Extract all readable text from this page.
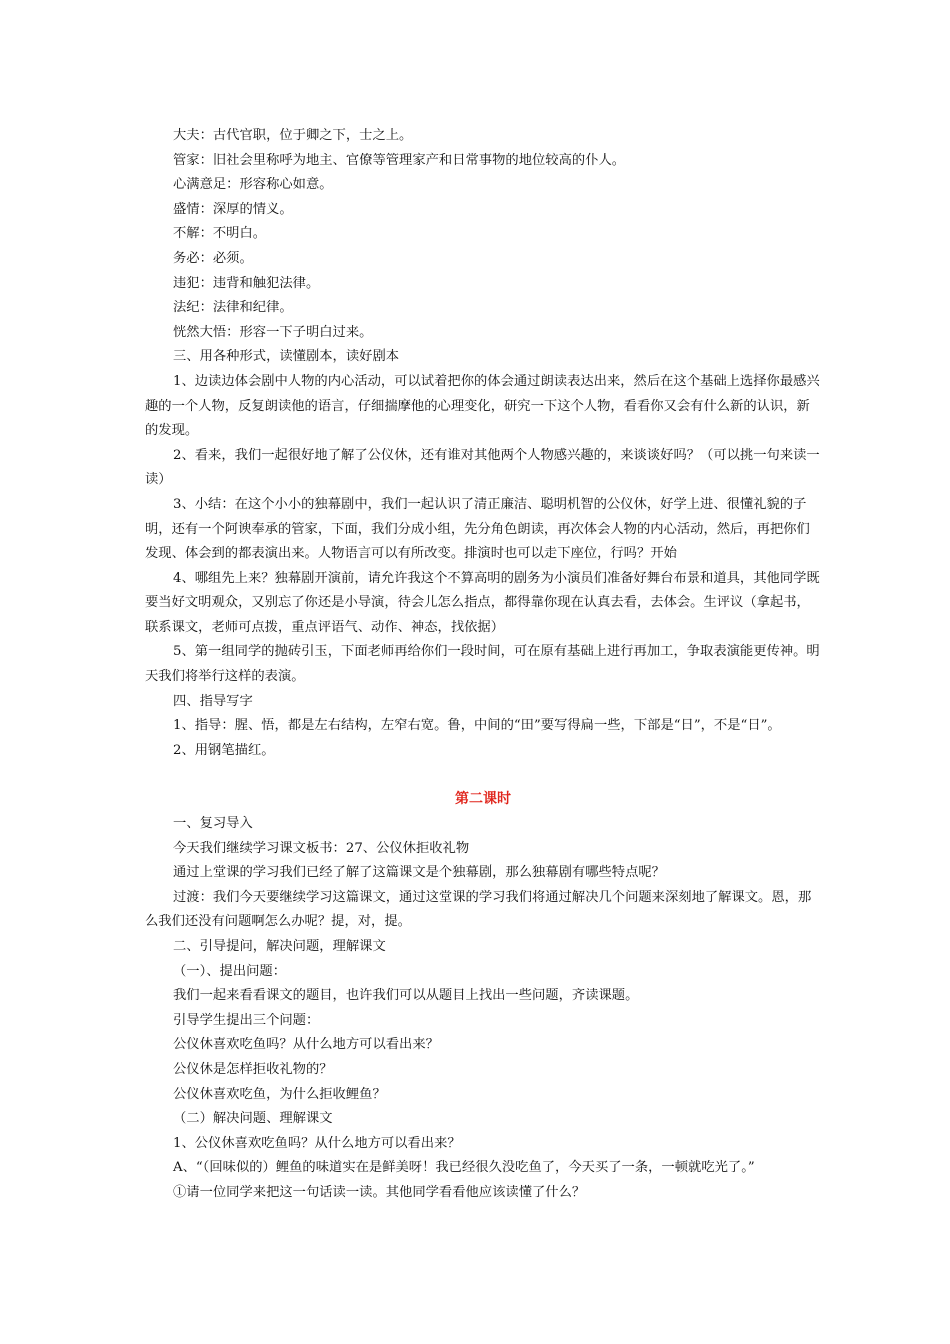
大夫：古代官职，位于卿之下，士之上。

管家：旧社会里称呼为地主、官僚等管理家产和日常事物的地位较高的仆人。

心满意足：形容称心如意。

盛情：深厚的情义。

不解：不明白。

务必：必须。

违犯：违背和触犯法律。

法纪：法律和纪律。

恍然大悟：形容一下子明白过来。

三、用各种形式，读懂剧本，读好剧本

1、边读边体会剧中人物的内心活动，可以试着把你的体会通过朗读表达出来，然后在这个基础上选择你最感兴趣的一个人物，反复朗读他的语言，仔细揣摩他的心理变化，研究一下这个人物，看看你又会有什么新的认识，新的发现。

2、看来，我们一起很好地了解了公仪休，还有谁对其他两个人物感兴趣的，来谈谈好吗？（可以挑一句来读一读）

3、小结：在这个小小的独幕剧中，我们一起认识了清正廉洁、聪明机智的公仪休，好学上进、很懂礼貌的子明，还有一个阿谀奉承的管家，下面，我们分成小组，先分角色朗读，再次体会人物的内心活动，然后，再把你们发现、体会到的都表演出来。人物语言可以有所改变。排演时也可以走下座位，行吗？开始

4、哪组先上来？独幕剧开演前，请允许我这个不算高明的剧务为小演员们准备好舞台布景和道具，其他同学既要当好文明观众，又别忘了你还是小导演，待会儿怎么指点，都得靠你现在认真去看，去体会。生评议（拿起书，联系课文，老师可点拨，重点评语气、动作、神态，找依据）

5、第一组同学的抛砖引玉，下面老师再给你们一段时间，可在原有基础上进行再加工，争取表演能更传神。明天我们将举行这样的表演。

四、指导写字

1、指导：腥、悟，都是左右结构，左窄右宽。鲁，中间的“田”要写得扁一些，下部是“日”，不是“日”。

2、用钢笔描红。

第二课时

一、复习导入

今天我们继续学习课文板书：27、公仪休拒收礼物

通过上堂课的学习我们已经了解了这篇课文是个独幕剧，那么独幕剧有哪些特点呢？

过渡：我们今天要继续学习这篇课文，通过这堂课的学习我们将通过解决几个问题来深刻地了解课文。恩，那么我们还没有问题啊怎么办呢？提，对，提。

二、引导提问，解决问题，理解课文

（一）、提出问题：

我们一起来看看课文的题目，也许我们可以从题目上找出一些问题，齐读课题。

引导学生提出三个问题：

公仪休喜欢吃鱼吗？从什么地方可以看出来？

公仪休是怎样拒收礼物的？

公仪休喜欢吃鱼，为什么拒收鲤鱼？

（二）解决问题、理解课文

1、公仪休喜欢吃鱼吗？从什么地方可以看出来？

A、“（回味似的）鲤鱼的味道实在是鲜美呀！我已经很久没吃鱼了，今天买了一条，一顿就吃光了。”

①请一位同学来把这一句话读一读。其他同学看看他应该读懂了什么？
